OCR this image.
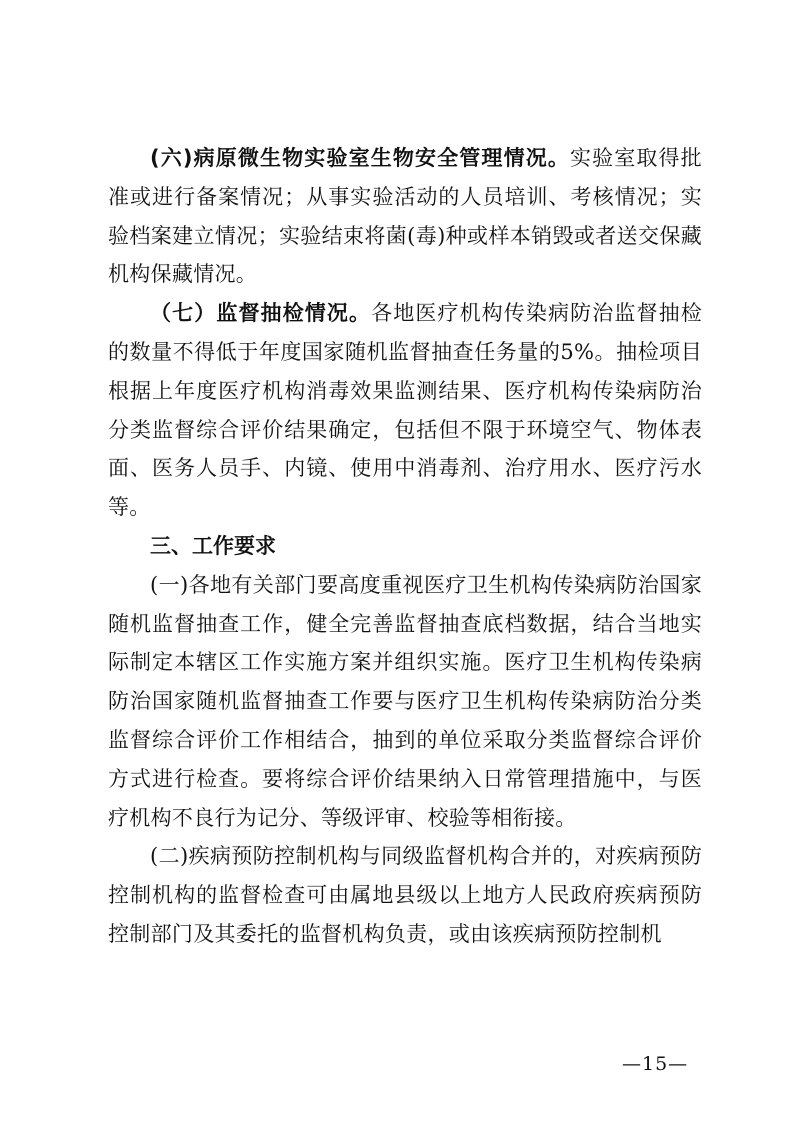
(六)病原微生物实验室生物安全管理情况。实验室取得批准或进行备案情况；从事实验活动的人员培训、考核情况；实验档案建立情况；实验结束将菌(毒)种或样本销毁或者送交保藏机构保藏情况。

（七）监督抽检情况。各地医疗机构传染病防治监督抽检的数量不得低于年度国家随机监督抽查任务量的5%。抽检项目根据上年度医疗机构消毒效果监测结果、医疗机构传染病防治分类监督综合评价结果确定，包括但不限于环境空气、物体表面、医务人员手、内镜、使用中消毒剂、治疗用水、医疗污水等。

三、工作要求

(一)各地有关部门要高度重视医疗卫生机构传染病防治国家随机监督抽查工作，健全完善监督抽查底档数据，结合当地实际制定本辖区工作实施方案并组织实施。医疗卫生机构传染病防治国家随机监督抽查工作要与医疗卫生机构传染病防治分类监督综合评价工作相结合，抽到的单位采取分类监督综合评价方式进行检查。要将综合评价结果纳入日常管理措施中，与医疗机构不良行为记分、等级评审、校验等相衔接。

(二)疾病预防控制机构与同级监督机构合并的，对疾病预防控制机构的监督检查可由属地县级以上地方人民政府疾病预防控制部门及其委托的监督机构负责，或由该疾病预防控制机

—15—
